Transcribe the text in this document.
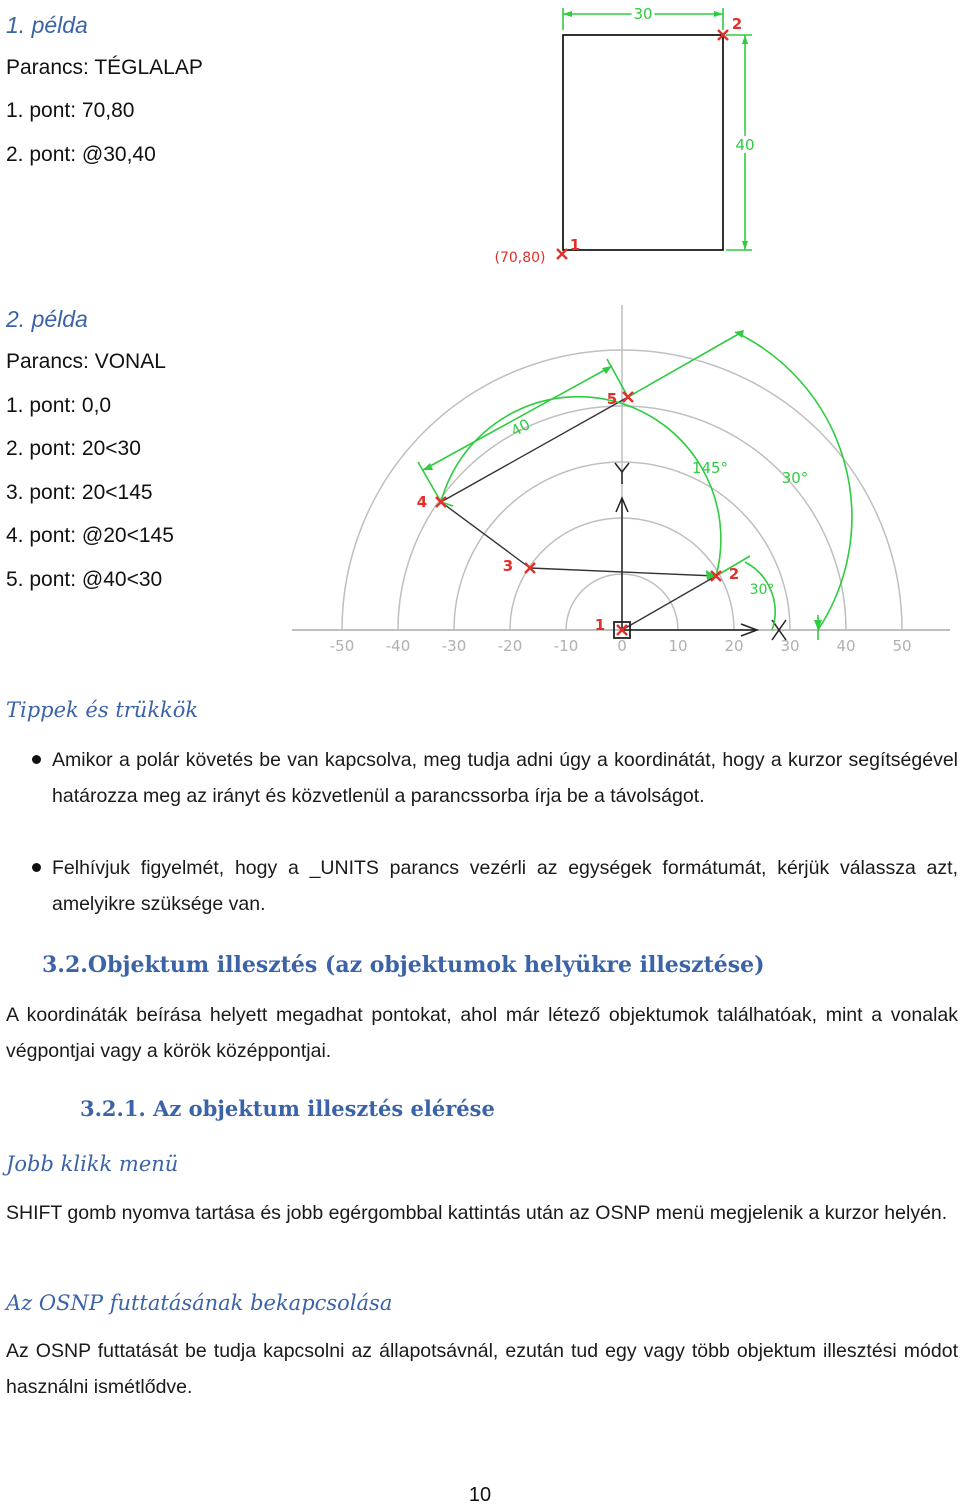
1. példa
Parancs: TÉGLALAP
1. pont: 70,80
2. pont: @30,40
30
40
2
1
(70,80)
2. példa
Parancs: VONAL
1. pont: 0,0
2. pont: 20<30
3. pont: 20<145
4. pont: @20<145
5. pont: @40<30
-50 -40 -30 -20 -10	0	10 20 30 40 50
40
145°
30°
30°
1
2
3
4
5
Tippek és trükkök
Amikor a polár követés be van kapcsolva, meg tudja adni úgy a koordinátát, hogy a kurzor segítségével határozza meg az irányt és közvetlenül a parancssorba írja be a távolságot.
Felhívjuk figyelmét, hogy a _UNITS parancs vezérli az egységek formátumát, kérjük válassza azt, amelyikre szüksége van.
3.2.Objektum illesztés (az objektumok helyükre illesztése)
A koordináták beírása helyett megadhat pontokat, ahol már létező objektumok találhatóak, mint a vonalak végpontjai vagy a körök középpontjai.
3.2.1. Az objektum illesztés elérése
Jobb klikk menü
SHIFT gomb nyomva tartása és jobb egérgombbal kattintás után az OSNP menü megjelenik a kurzor helyén.
Az OSNP futtatásának bekapcsolása
Az OSNP futtatását be tudja kapcsolni az állapotsávnál, ezután tud egy vagy több objektum illesztési módot használni ismétlődve.
10
